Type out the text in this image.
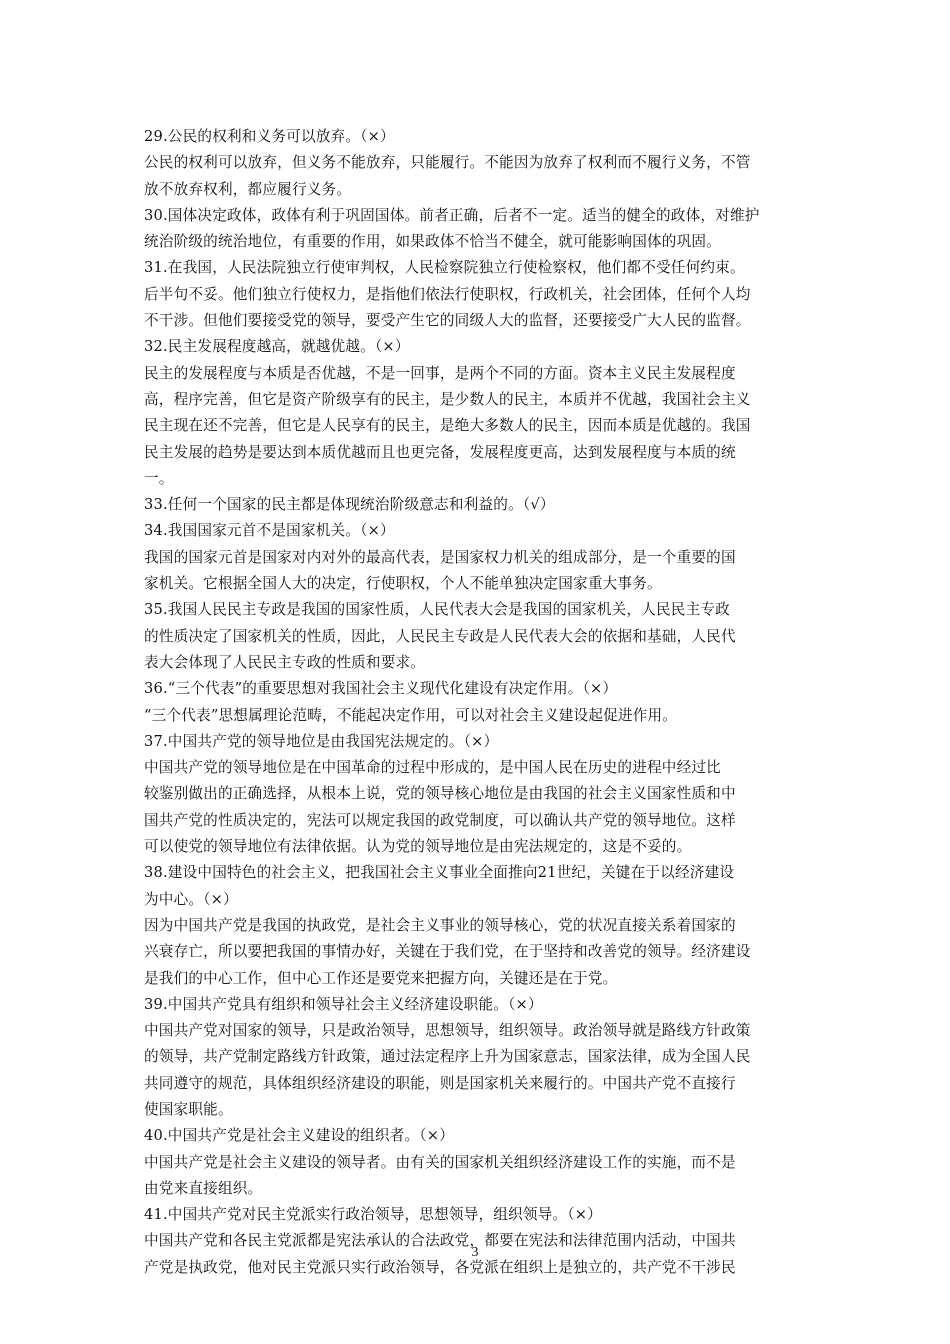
29.公民的权利和义务可以放弃。（×）
公民的权利可以放弃，但义务不能放弃，只能履行。不能因为放弃了权利而不履行义务，不管
放不放弃权利，都应履行义务。
30.国体决定政体，政体有利于巩固国体。前者正确，后者不一定。适当的健全的政体，对维护
统治阶级的统治地位，有重要的作用，如果政体不恰当不健全，就可能影响国体的巩固。
31.在我国，人民法院独立行使审判权，人民检察院独立行使检察权，他们都不受任何约束。
后半句不妥。他们独立行使权力，是指他们依法行使职权，行政机关，社会团体，任何个人均
不干涉。但他们要接受党的领导，要受产生它的同级人大的监督，还要接受广大人民的监督。
32.民主发展程度越高，就越优越。（×）
民主的发展程度与本质是否优越，不是一回事，是两个不同的方面。资本主义民主发展程度
高，程序完善，但它是资产阶级享有的民主，是少数人的民主，本质并不优越，我国社会主义
民主现在还不完善，但它是人民享有的民主，是绝大多数人的民主，因而本质是优越的。我国
民主发展的趋势是要达到本质优越而且也更完备，发展程度更高，达到发展程度与本质的统
一。
33.任何一个国家的民主都是体现统治阶级意志和利益的。（√）
34.我国国家元首不是国家机关。（×）
我国的国家元首是国家对内对外的最高代表，是国家权力机关的组成部分，是一个重要的国
家机关。它根据全国人大的决定，行使职权，个人不能单独决定国家重大事务。
35.我国人民民主专政是我国的国家性质，人民代表大会是我国的国家机关，人民民主专政
的性质决定了国家机关的性质，因此，人民民主专政是人民代表大会的依据和基础，人民代
表大会体现了人民民主专政的性质和要求。
36.“三个代表”的重要思想对我国社会主义现代化建设有决定作用。（×）
“三个代表”思想属理论范畴，不能起决定作用，可以对社会主义建设起促进作用。
37.中国共产党的领导地位是由我国宪法规定的。（×）
中国共产党的领导地位是在中国革命的过程中形成的，是中国人民在历史的进程中经过比
较鉴别做出的正确选择，从根本上说，党的领导核心地位是由我国的社会主义国家性质和中
国共产党的性质决定的，宪法可以规定我国的政党制度，可以确认共产党的领导地位。这样
可以使党的领导地位有法律依据。认为党的领导地位是由宪法规定的，这是不妥的。
38.建设中国特色的社会主义，把我国社会主义事业全面推向21世纪，关键在于以经济建设
为中心。（×）
因为中国共产党是我国的执政党，是社会主义事业的领导核心，党的状况直接关系着国家的
兴衰存亡，所以要把我国的事情办好，关键在于我们党，在于坚持和改善党的领导。经济建设
是我们的中心工作，但中心工作还是要党来把握方向，关键还是在于党。
39.中国共产党具有组织和领导社会主义经济建设职能。（×）
中国共产党对国家的领导，只是政治领导，思想领导，组织领导。政治领导就是路线方针政策
的领导，共产党制定路线方针政策，通过法定程序上升为国家意志，国家法律，成为全国人民
共同遵守的规范，具体组织经济建设的职能，则是国家机关来履行的。中国共产党不直接行
使国家职能。
40.中国共产党是社会主义建设的组织者。（×）
中国共产党是社会主义建设的领导者。由有关的国家机关组织经济建设工作的实施，而不是
由党来直接组织。
41.中国共产党对民主党派实行政治领导，思想领导，组织领导。（×）
中国共产党和各民主党派都是宪法承认的合法政党，都要在宪法和法律范围内活动，中国共
产党是执政党，他对民主党派只实行政治领导，各党派在组织上是独立的，共产党不干涉民
3
